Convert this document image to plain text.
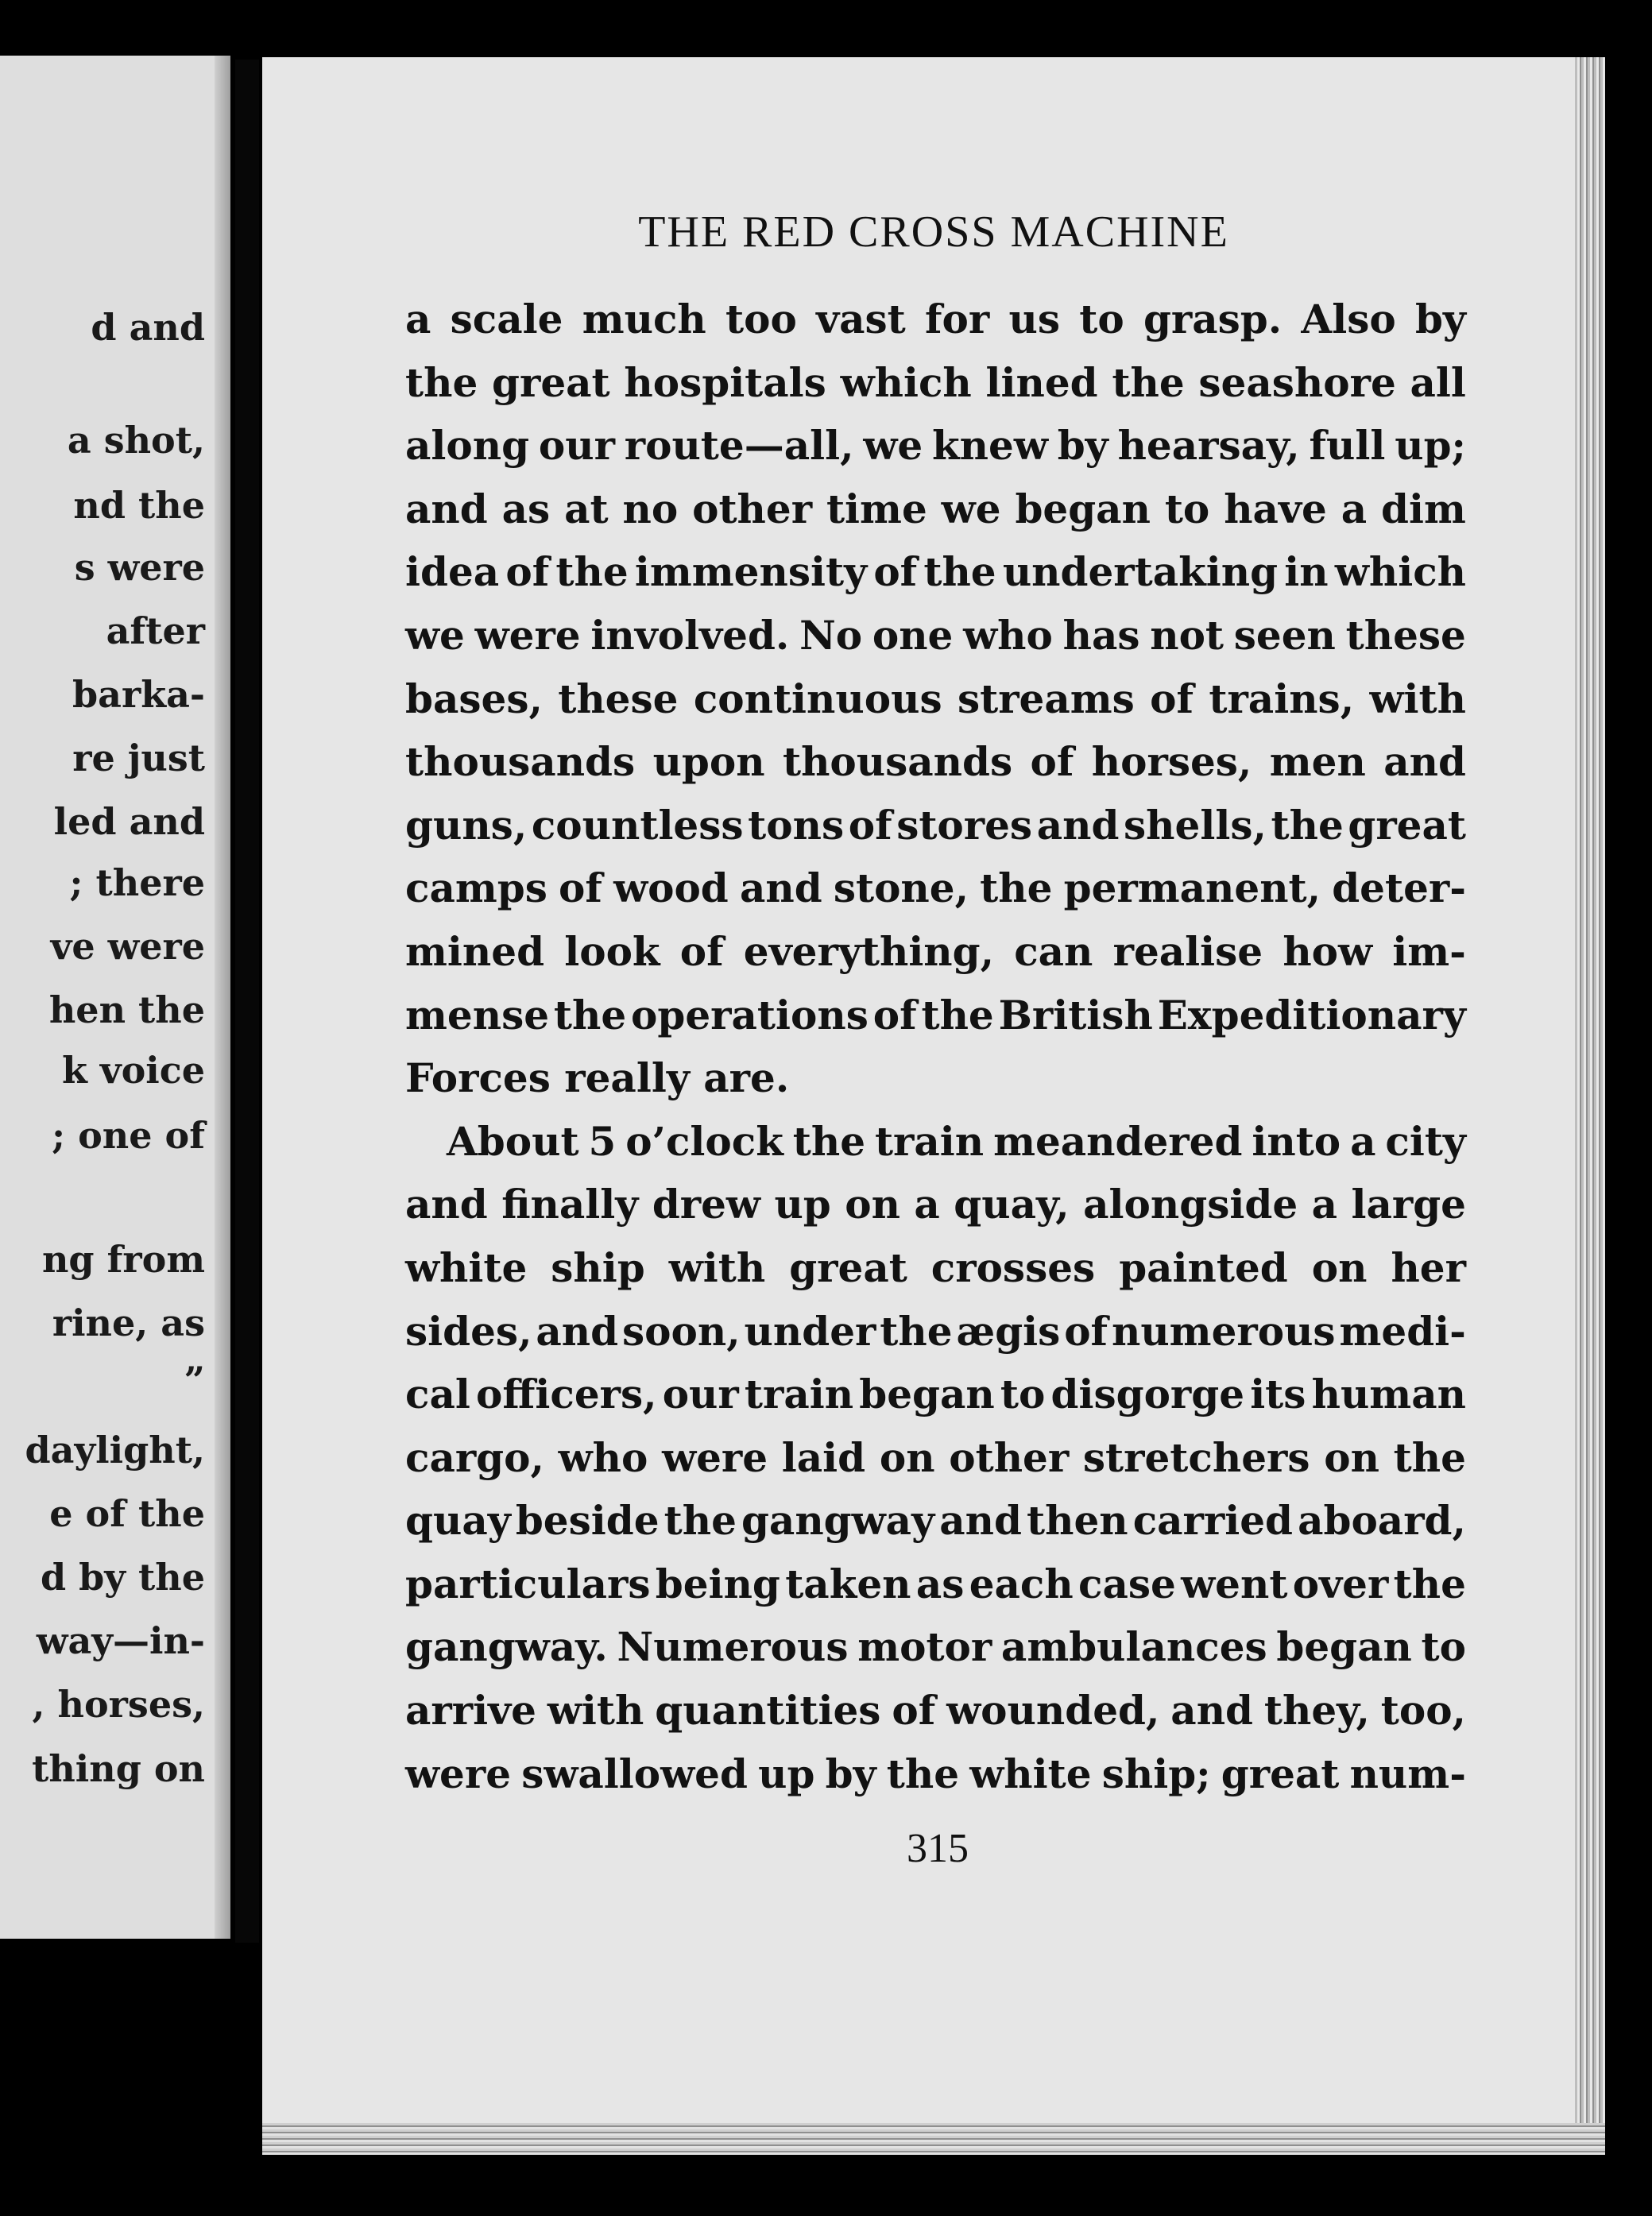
d and
a shot,
nd the
s were
after
barka-
re just
led and
; there
ve were
hen the
k voice
; one of
ng from
rine, as
”
daylight,
e of the
d by the
way—in-
, horses,
thing on
THE RED CROSS MACHINE
a scale much too vast for us to grasp. Also by
the great hospitals which lined the seashore all
along our route—all, we knew by hearsay, full up;
and as at no other time we began to have a dim
idea of the immensity of the undertaking in which
we were involved. No one who has not seen these
bases, these continuous streams of trains, with
thousands upon thousands of horses, men and
guns, countless tons of stores and shells, the great
camps of wood and stone, the permanent, deter-
mined look of everything, can realise how im-
mense the operations of the British Expeditionary
Forces really are.
About 5 o’clock the train meandered into a city
and finally drew up on a quay, alongside a large
white ship with great crosses painted on her
sides, and soon, under the ægis of numerous medi-
cal officers, our train began to disgorge its human
cargo, who were laid on other stretchers on the
quay beside the gangway and then carried aboard,
particulars being taken as each case went over the
gangway. Numerous motor ambulances began to
arrive with quantities of wounded, and they, too,
were swallowed up by the white ship; great num-
315
